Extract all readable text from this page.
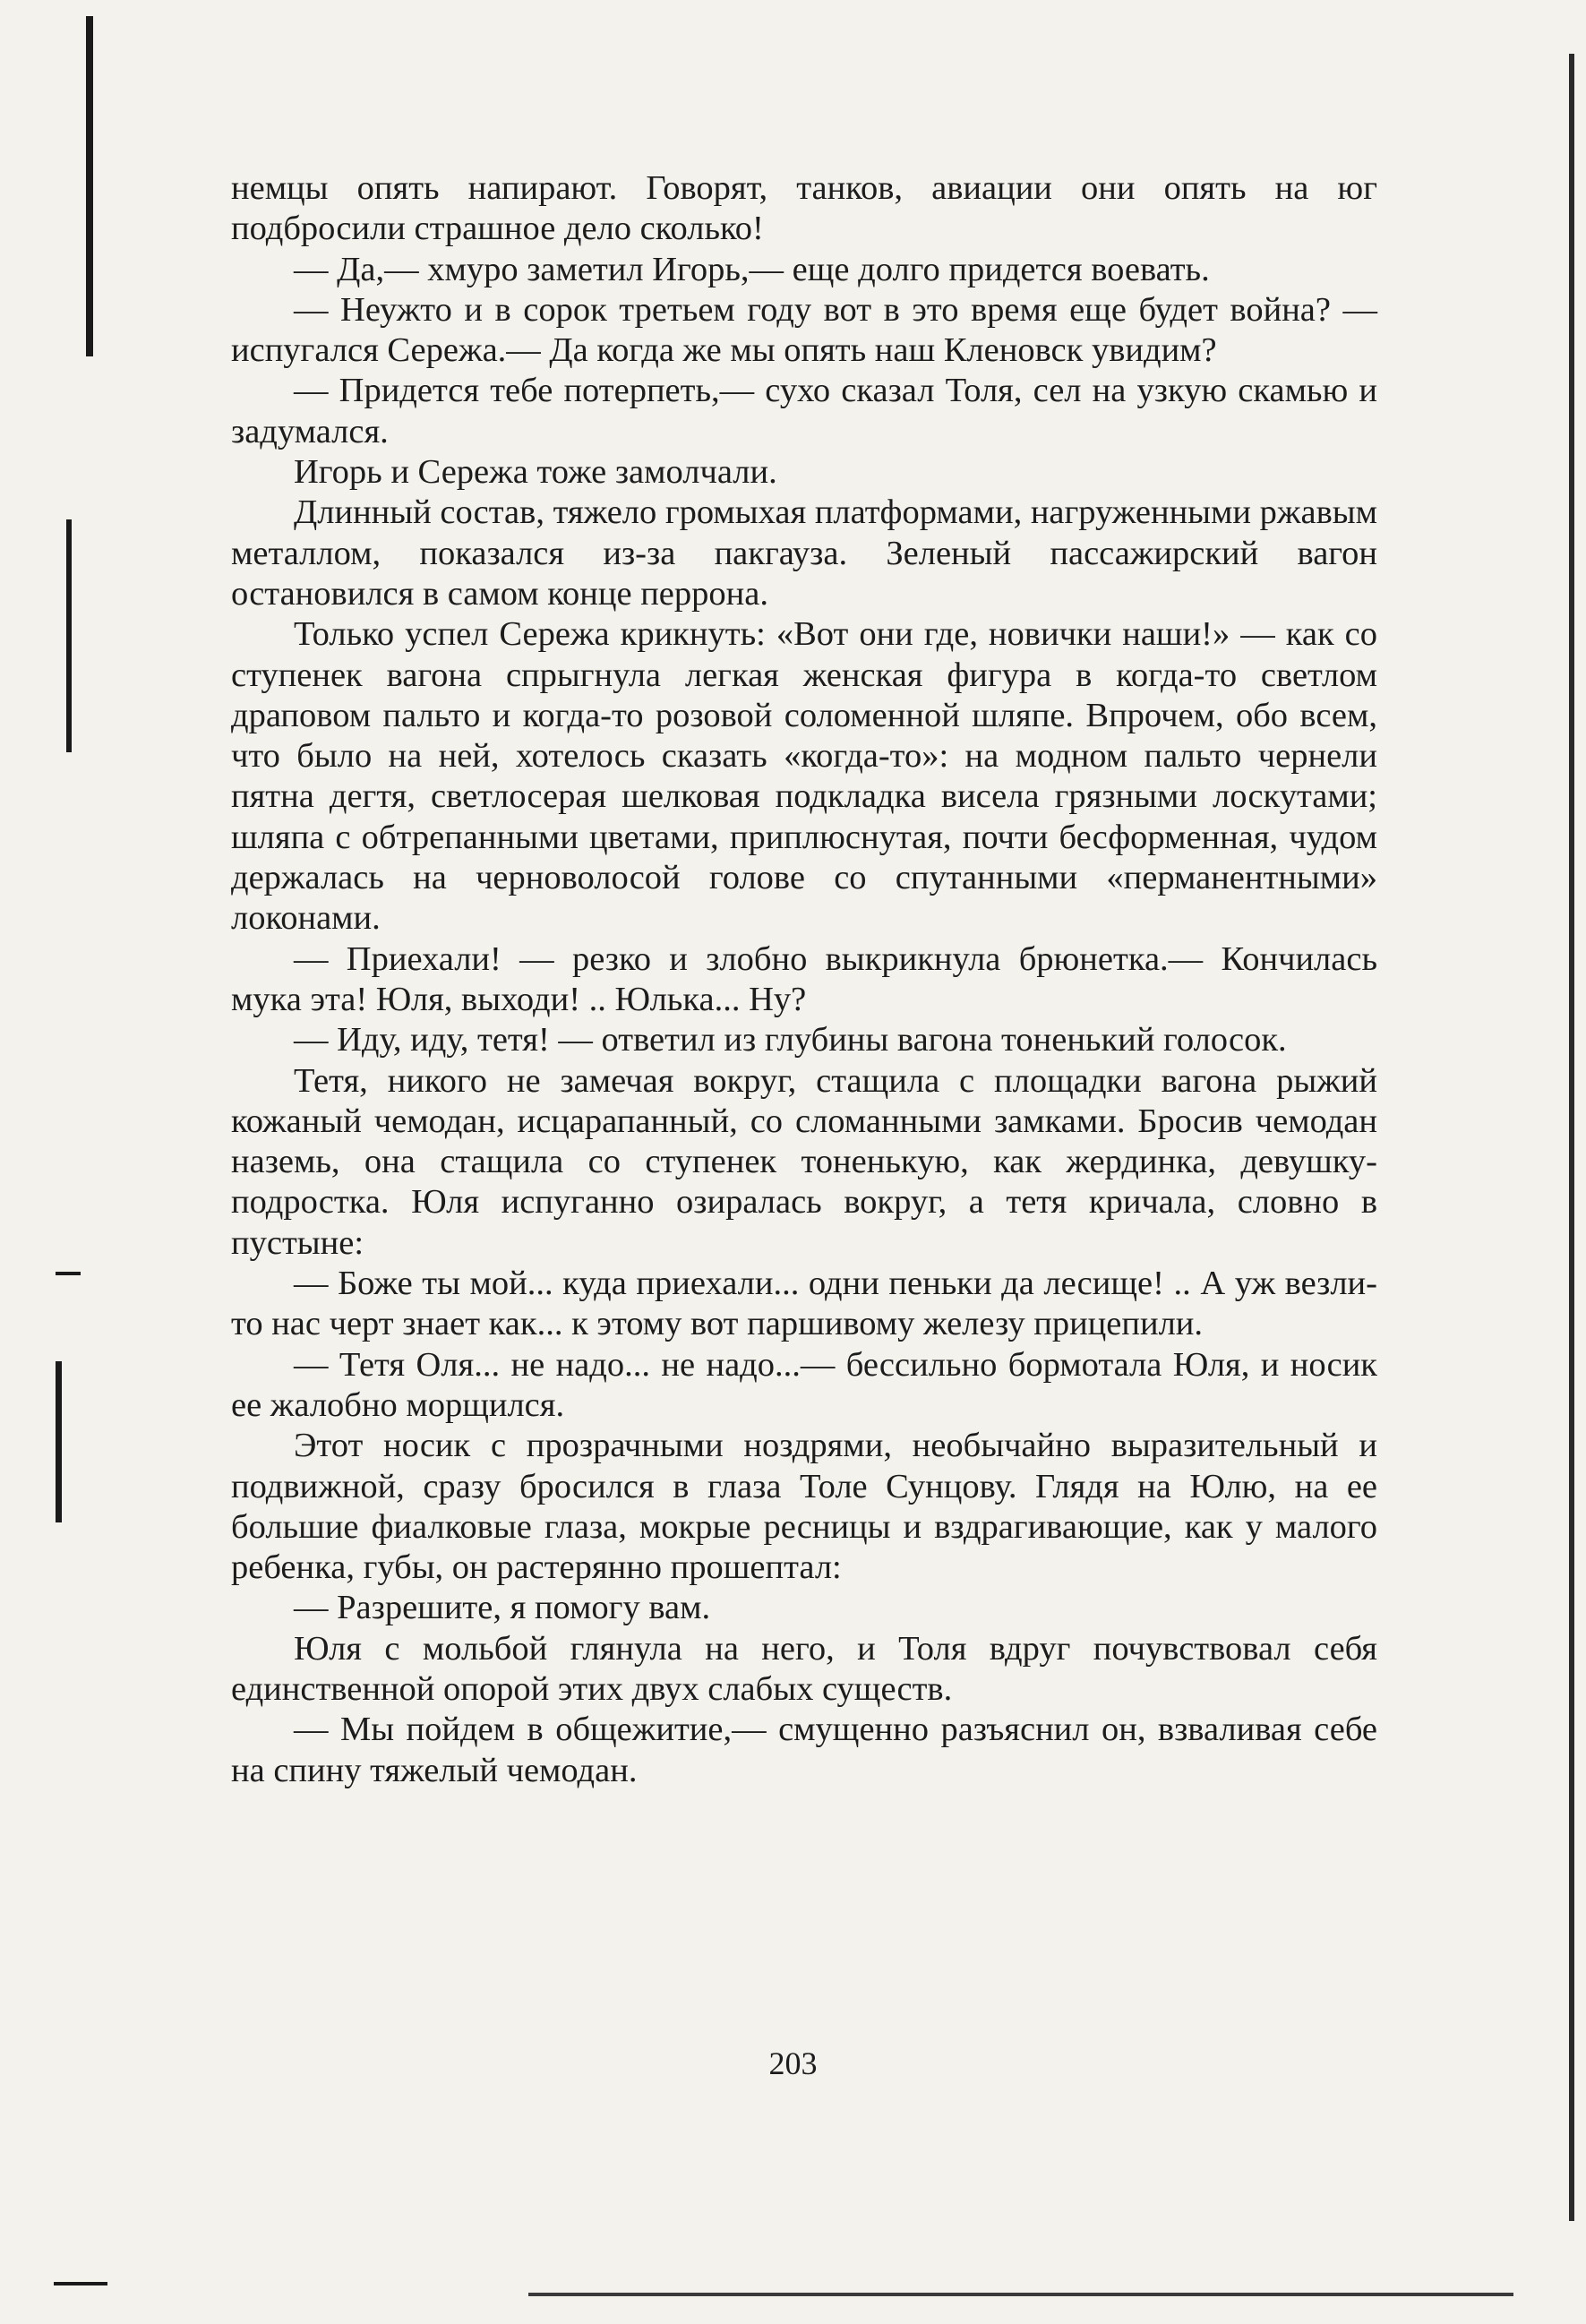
немцы опять напирают. Говорят, танков, авиации они опять на юг подбросили страшное дело сколько!

— Да,— хмуро заметил Игорь,— еще долго придется воевать.

— Неужто и в сорок третьем году вот в это время еще будет война? — испугался Сережа.— Да когда же мы опять наш Кленовск увидим?

— Придется тебе потерпеть,— сухо сказал Толя, сел на узкую скамью и задумался.

Игорь и Сережа тоже замолчали.

Длинный состав, тяжело громыхая платформами, нагруженными ржавым металлом, показался из-за пакгауза. Зеленый пассажирский вагон остановился в самом конце перрона.

Только успел Сережа крикнуть: «Вот они где, новички наши!» — как со ступенек вагона спрыгнула легкая женская фигура в когда-то светлом драповом пальто и когда-то розовой соломенной шляпе. Впрочем, обо всем, что было на ней, хотелось сказать «когда-то»: на модном пальто чернели пятна дегтя, светлосерая шелковая подкладка висела грязными лоскутами; шляпа с обтрепанными цветами, приплюснутая, почти бесформенная, чудом держалась на черноволосой голове со спутанными «перманентными» локонами.

— Приехали! — резко и злобно выкрикнула брюнетка.— Кончилась мука эта! Юля, выходи! .. Юлька... Ну?

— Иду, иду, тетя! — ответил из глубины вагона тоненький голосок.

Тетя, никого не замечая вокруг, стащила с площадки вагона рыжий кожаный чемодан, исцарапанный, со сломанными замками. Бросив чемодан наземь, она стащила со ступенек тоненькую, как жердинка, девушку-подростка. Юля испуганно озиралась вокруг, а тетя кричала, словно в пустыне:

— Боже ты мой... куда приехали... одни пеньки да лесище! .. А уж везли-то нас черт знает как... к этому вот паршивому железу прицепили.

— Тетя Оля... не надо... не надо...— бессильно бормотала Юля, и носик ее жалобно морщился.

Этот носик с прозрачными ноздрями, необычайно выразительный и подвижной, сразу бросился в глаза Толе Сунцову. Глядя на Юлю, на ее большие фиалковые глаза, мокрые ресницы и вздрагивающие, как у малого ребенка, губы, он растерянно прошептал:

— Разрешите, я помогу вам.

Юля с мольбой глянула на него, и Толя вдруг почувствовал себя единственной опорой этих двух слабых существ.

— Мы пойдем в общежитие,— смущенно разъяснил он, взваливая себе на спину тяжелый чемодан.

203
